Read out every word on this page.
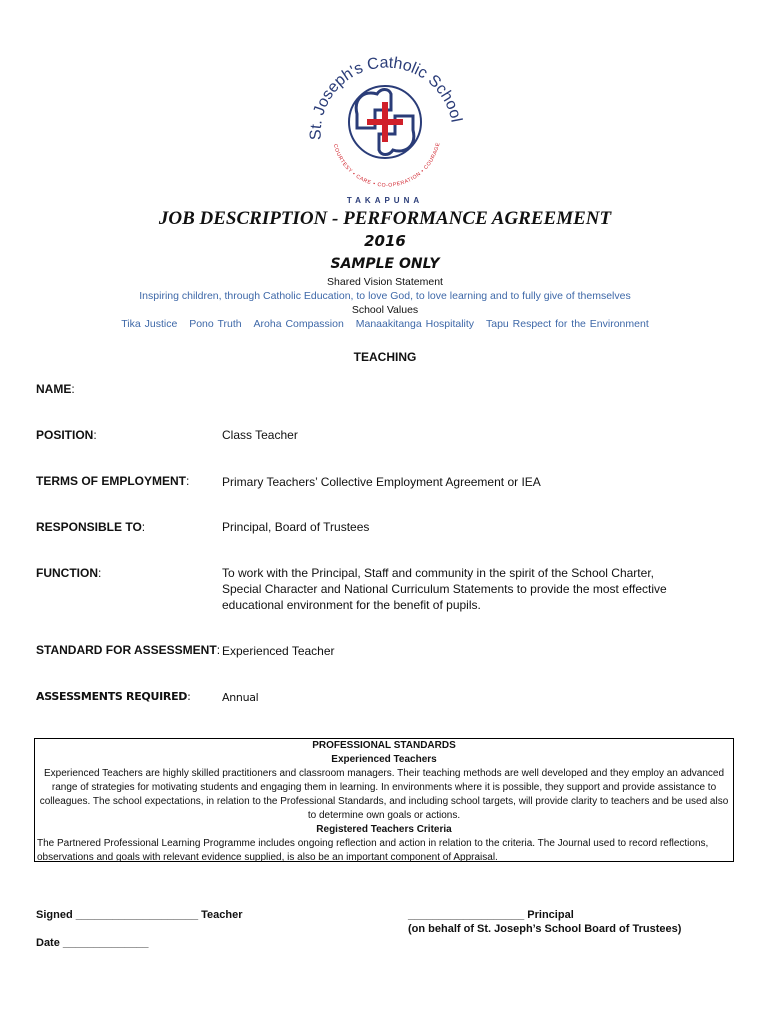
St. Joseph's Catholic School
COURTESY • CARE • CO-OPERATION • COURAGE
TAKAPUNA
JOB DESCRIPTION - PERFORMANCE AGREEMENT
2016
SAMPLE ONLY
Shared Vision Statement
Inspiring children, through Catholic Education, to love God, to love learning and to fully give of themselves
School Values
Tika Justice Pono Truth Aroha Compassion Manaakitanga Hospitality Tapu Respect for the Environment
TEACHING
NAME:
POSITION:	Class Teacher
TERMS OF EMPLOYMENT:	Primary Teachers’ Collective Employment Agreement or IEA
RESPONSIBLE TO:	Principal, Board of Trustees
FUNCTION:	To work with the Principal, Staff and community in the spirit of the School Charter, Special Character and National Curriculum Statements to provide the most effective educational environment for the benefit of pupils.
STANDARD FOR ASSESSMENT: Experienced Teacher
ASSESSMENTS REQUIRED:	Annual
PROFESSIONAL STANDARDS
Experienced Teachers
Experienced Teachers are highly skilled practitioners and classroom managers. Their teaching methods are well developed and they employ an advanced range of strategies for motivating students and engaging them in learning. In environments where it is possible, they support and provide assistance to colleagues. The school expectations, in relation to the Professional Standards, and including school targets, will provide clarity to teachers and be used also to determine own goals or actions.
Registered Teachers Criteria
The Partnered Professional Learning Programme includes ongoing reflection and action in relation to the criteria. The Journal used to record reflections, observations and goals with relevant evidence supplied, is also be an important component of Appraisal.
Signed ____________________ Teacher
Date ______________
___________________ Principal
(on behalf of St. Joseph’s School Board of Trustees)
